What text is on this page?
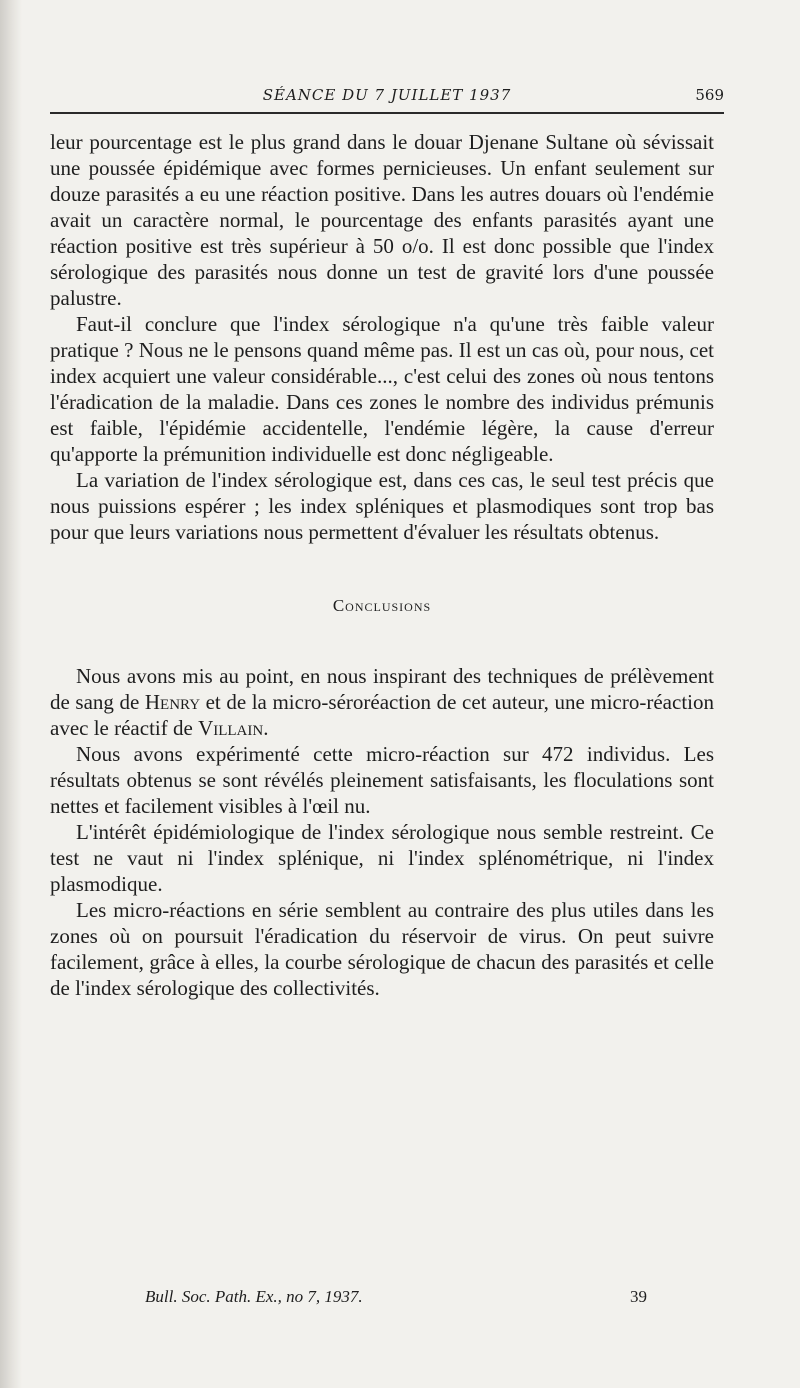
SÉANCE DU 7 JUILLET 1937	569

leur pourcentage est le plus grand dans le douar Djenane Sultane où sévissait une poussée épidémique avec formes pernicieuses. Un enfant seulement sur douze parasités a eu une réaction positive. Dans les autres douars où l'endémie avait un caractère normal, le pourcentage des enfants parasités ayant une réaction positive est très supérieur à 50 o/o. Il est donc possible que l'index sérologique des parasités nous donne un test de gravité lors d'une poussée palustre.

Faut-il conclure que l'index sérologique n'a qu'une très faible valeur pratique ? Nous ne le pensons quand même pas. Il est un cas où, pour nous, cet index acquiert une valeur considérable..., c'est celui des zones où nous tentons l'éradication de la maladie. Dans ces zones le nombre des individus prémunis est faible, l'épidémie accidentelle, l'endémie légère, la cause d'erreur qu'apporte la prémunition individuelle est donc négligeable.

La variation de l'index sérologique est, dans ces cas, le seul test précis que nous puissions espérer ; les index spléniques et plasmodiques sont trop bas pour que leurs variations nous permettent d'évaluer les résultats obtenus.

Conclusions

Nous avons mis au point, en nous inspirant des techniques de prélèvement de sang de Henry et de la micro-séroréaction de cet auteur, une micro-réaction avec le réactif de Villain.

Nous avons expérimenté cette micro-réaction sur 472 individus. Les résultats obtenus se sont révélés pleinement satisfaisants, les floculations sont nettes et facilement visibles à l'œil nu.

L'intérêt épidémiologique de l'index sérologique nous semble restreint. Ce test ne vaut ni l'index splénique, ni l'index splénométrique, ni l'index plasmodique.

Les micro-réactions en série semblent au contraire des plus utiles dans les zones où on poursuit l'éradication du réservoir de virus. On peut suivre facilement, grâce à elles, la courbe sérologique de chacun des parasités et celle de l'index sérologique des collectivités.

Bull. Soc. Path. Ex., no 7, 1937.	39
